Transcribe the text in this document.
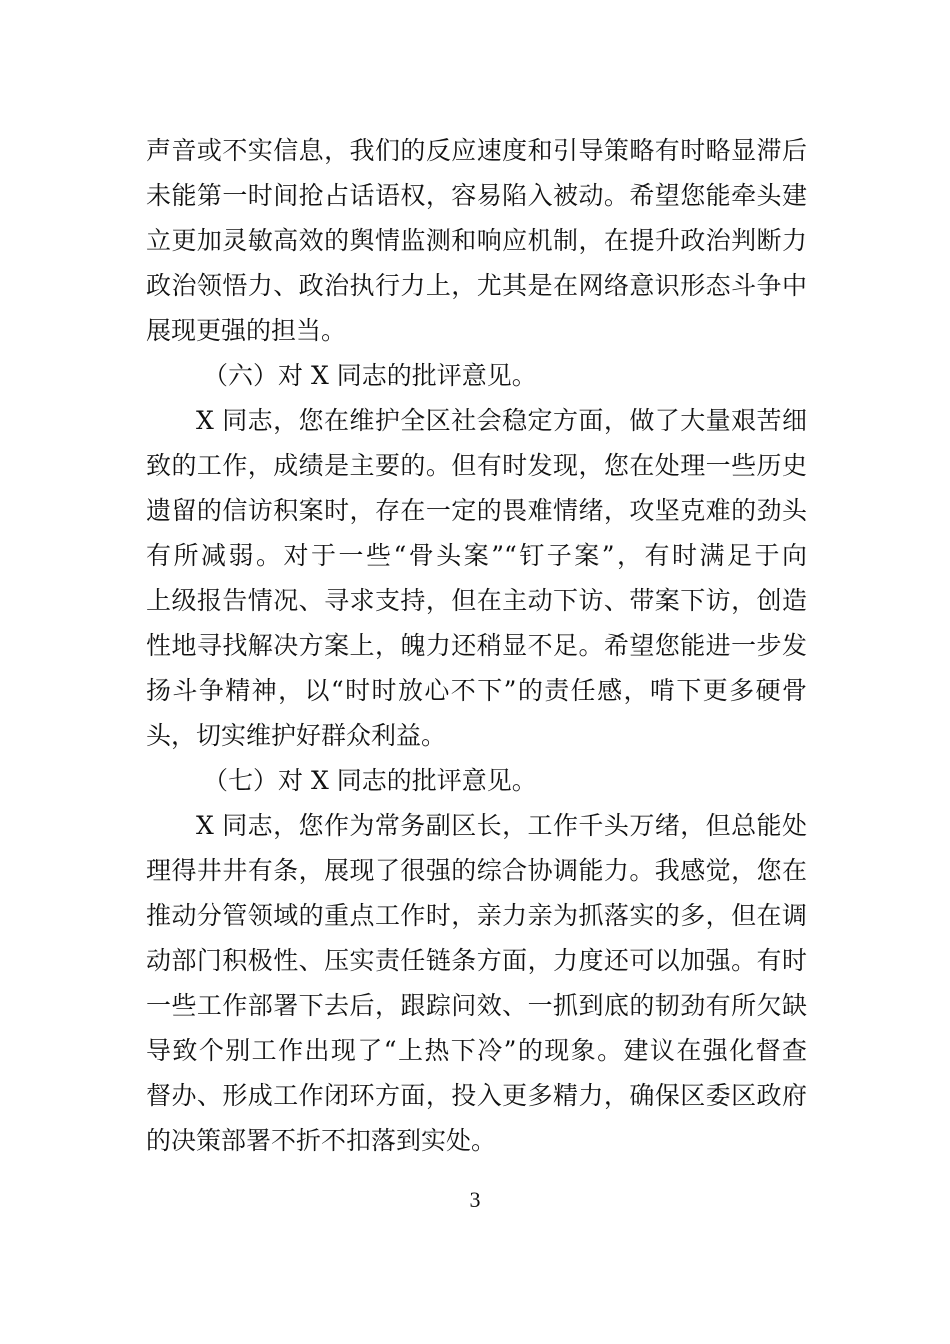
声音或不实信息，我们的反应速度和引导策略有时略显滞后
未能第一时间抢占话语权，容易陷入被动。希望您能牵头建
立更加灵敏高效的舆情监测和响应机制，在提升政治判断力
政治领悟力、政治执行力上，尤其是在网络意识形态斗争中
展现更强的担当。
（六）对 X 同志的批评意见。
X 同志，您在维护全区社会稳定方面，做了大量艰苦细
致的工作，成绩是主要的。但有时发现，您在处理一些历史
遗留的信访积案时，存在一定的畏难情绪，攻坚克难的劲头
有所减弱。对于一些“骨头案”“钉子案”，有时满足于向
上级报告情况、寻求支持，但在主动下访、带案下访，创造
性地寻找解决方案上，魄力还稍显不足。希望您能进一步发
扬斗争精神，以“时时放心不下”的责任感，啃下更多硬骨
头，切实维护好群众利益。
（七）对 X 同志的批评意见。
X 同志，您作为常务副区长，工作千头万绪，但总能处
理得井井有条，展现了很强的综合协调能力。我感觉，您在
推动分管领域的重点工作时，亲力亲为抓落实的多，但在调
动部门积极性、压实责任链条方面，力度还可以加强。有时
一些工作部署下去后，跟踪问效、一抓到底的韧劲有所欠缺
导致个别工作出现了“上热下冷”的现象。建议在强化督查
督办、形成工作闭环方面，投入更多精力，确保区委区政府
的决策部署不折不扣落到实处。
3
